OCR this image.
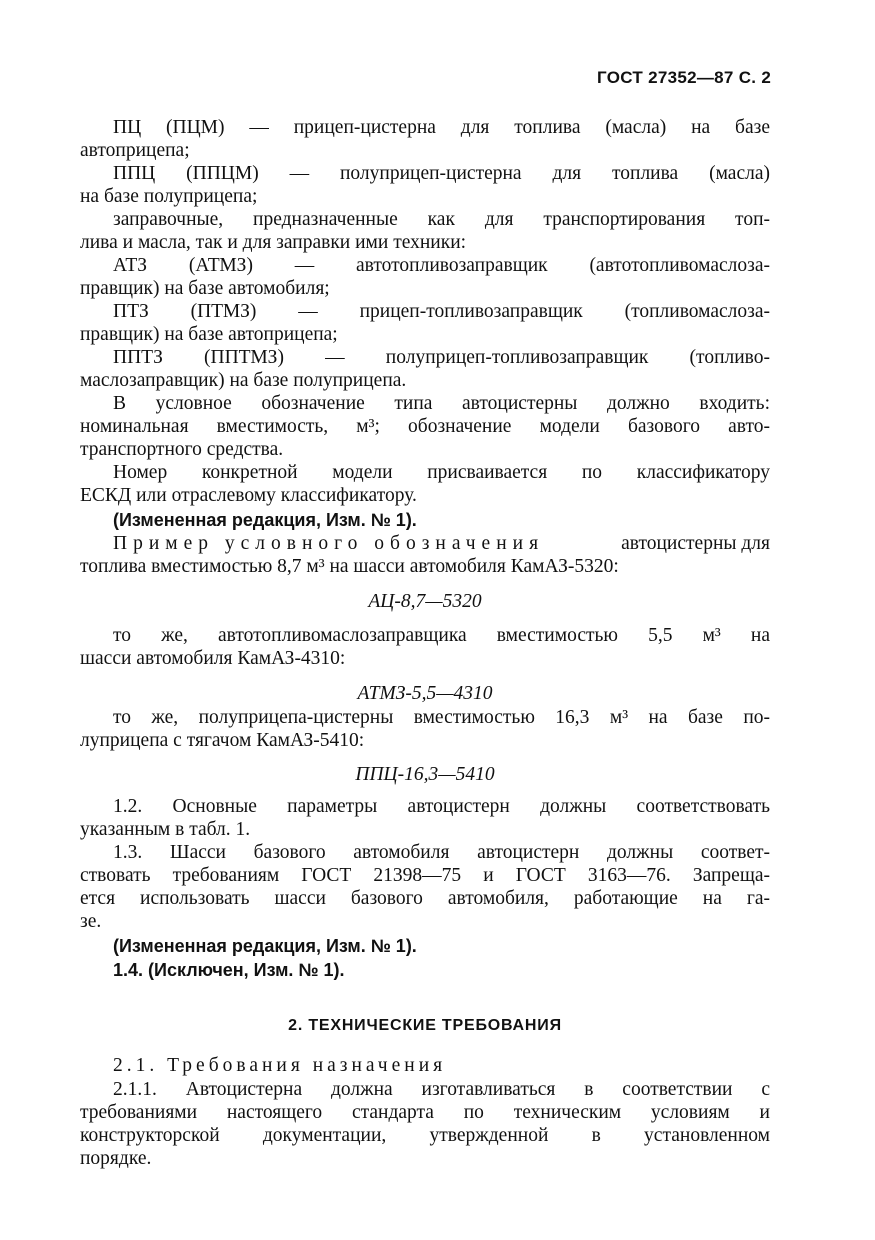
ГОСТ 27352—87 С. 2
ПЦ (ПЦМ) — прицеп-цистерна для топлива (масла) на базе
автоприцепа;
ППЦ (ППЦМ) — полуприцеп-цистерна для топлива (масла)
на базе полуприцепа;
заправочные, предназначенные как для транспортирования топ-
лива и масла, так и для заправки ими техники:
АТЗ (АТМЗ) — автотопливозаправщик (автотопливомаслоза-
правщик) на базе автомобиля;
ПТЗ (ПТМЗ) — прицеп-топливозаправщик (топливомаслоза-
правщик) на базе автоприцепа;
ППТЗ (ППТМЗ) — полуприцеп-топливозаправщик (топливо-
маслозаправщик) на базе полуприцепа.
В условное обозначение типа автоцистерны должно входить:
номинальная вместимость, м³; обозначение модели базового авто-
транспортного средства.
Номер конкретной модели присваивается по классификатору
ЕСКД или отраслевому классификатору.
(Измененная редакция, Изм. № 1).
Пример условного обозначения	автоцистерны для
топлива вместимостью 8,7 м³ на шасси автомобиля КамАЗ-5320:
АЦ-8,7—5320
то же, автотопливомаслозаправщика вместимостью 5,5 м³ на
шасси автомобиля КамАЗ-4310:
АТМЗ-5,5—4310
то же, полуприцепа-цистерны вместимостью 16,3 м³ на базе по-
луприцепа с тягачом КамАЗ-5410:
ППЦ-16,3—5410
1.2. Основные параметры автоцистерн должны соответствовать
указанным в табл. 1.
1.3. Шасси базового автомобиля автоцистерн должны соответ-
ствовать требованиям ГОСТ 21398—75 и ГОСТ 3163—76. Запреща-
ется использовать шасси базового автомобиля, работающие на га-
зе.
(Измененная редакция, Изм. № 1).
1.4. (Исключен, Изм. № 1).
2. ТЕХНИЧЕСКИЕ ТРЕБОВАНИЯ
2.1. Требования назначения
2.1.1. Автоцистерна должна изготавливаться в соответствии с
требованиями настоящего стандарта по техническим условиям и
конструкторской документации, утвержденной в установленном
порядке.
